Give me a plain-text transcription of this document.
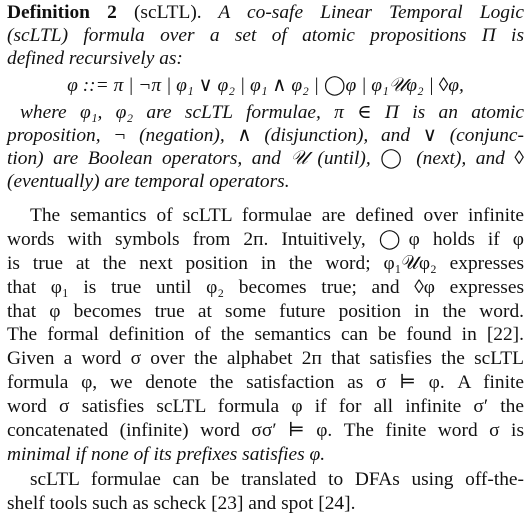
Definition 2 (scLTL). A co-safe Linear Temporal Logic
(scLTL) formula over a set of atomic propositions Π is
defined recursively as:
φ ::= π | ¬π | φ₁ ∨ φ₂ | φ₁ ∧ φ₂ | ◯φ | φ₁𝒰φ₂ | ◊φ,
where φ₁, φ₂ are scLTL formulae, π ∈ Π is an atomic
proposition, ¬ (negation), ∧ (disjunction), and ∨ (conjunc-
tion) are Boolean operators, and 𝒰 (until), ◯ (next), and ◊
(eventually) are temporal operators.
The semantics of scLTL formulae are defined over infinite
words with symbols from 2ᴨ. Intuitively, ◯φ holds if φ
is true at the next position in the word; φ₁𝒰φ₂ expresses
that φ₁ is true until φ₂ becomes true; and ◊φ expresses
that φ becomes true at some future position in the word.
The formal definition of the semantics can be found in [22].
Given a word σ over the alphabet 2ᴨ that satisfies the scLTL
formula φ, we denote the satisfaction as σ ⊨ φ. A finite
word σ satisfies scLTL formula φ if for all infinite σ′ the
concatenated (infinite) word σσ′ ⊨ φ. The finite word σ is
minimal if none of its prefixes satisfies φ.
scLTL formulae can be translated to DFAs using off-the-
shelf tools such as scheck [23] and spot [24].
